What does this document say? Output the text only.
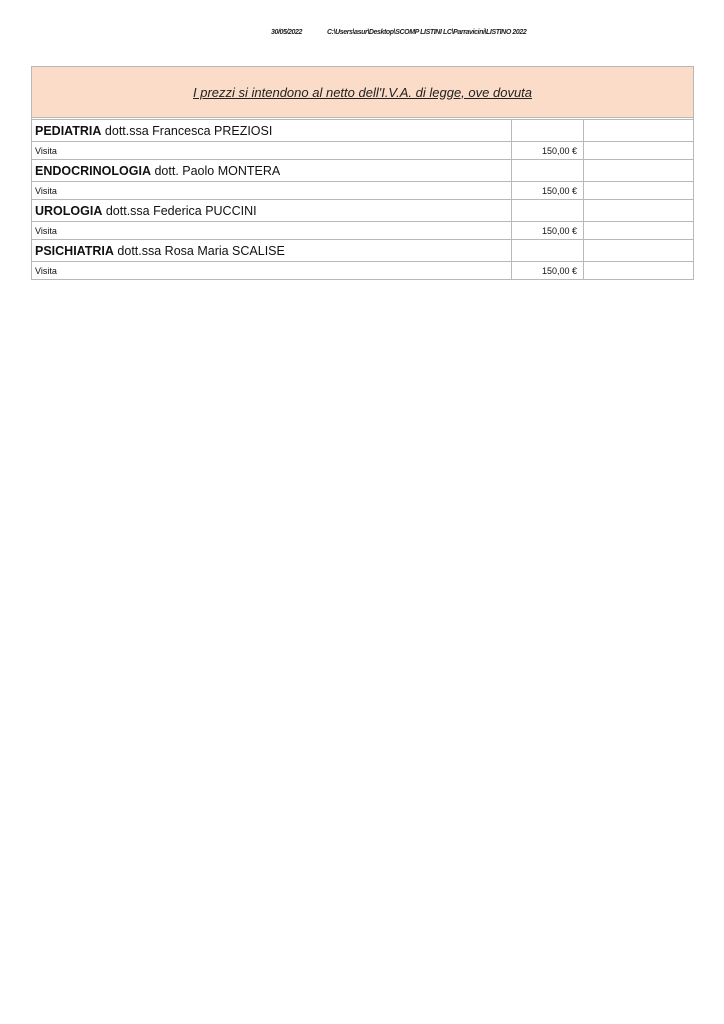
30/05/2022	C:\Users\asur\Desktop\SCOMP LISTINI LC\Parravicini\LISTINO 2022
I prezzi si intendono al netto dell'I.V.A. di legge, ove dovuta		

PEDIATRIA dott.ssa Francesca PREZIOSI		
Visita	150,00 €	
ENDOCRINOLOGIA dott. Paolo MONTERA		
Visita	150,00 €	
UROLOGIA dott.ssa Federica PUCCINI		
Visita	150,00 €	
PSICHIATRIA dott.ssa Rosa Maria SCALISE		
Visita	150,00 €	
